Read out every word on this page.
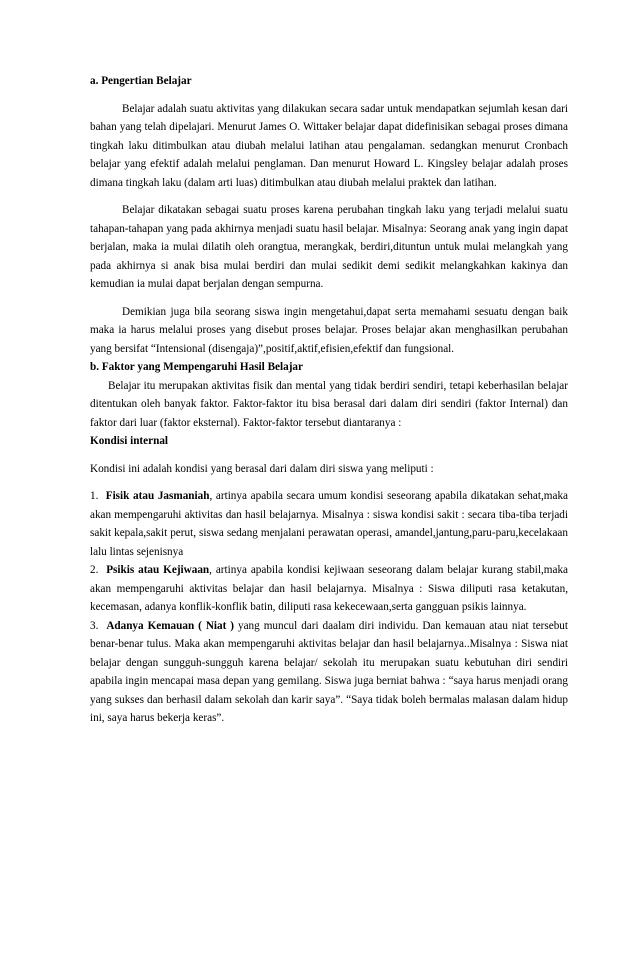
a. Pengertian Belajar

Belajar adalah suatu aktivitas yang dilakukan secara sadar untuk mendapatkan sejumlah kesan dari bahan yang telah dipelajari. Menurut James O. Wittaker belajar dapat didefinisikan sebagai proses dimana tingkah laku ditimbulkan atau diubah melalui latihan atau pengalaman. sedangkan menurut Cronbach belajar yang efektif adalah melalui penglaman. Dan menurut Howard L. Kingsley belajar adalah proses dimana tingkah laku (dalam arti luas) ditimbulkan atau diubah melalui praktek dan latihan.

Belajar dikatakan sebagai suatu proses karena perubahan tingkah laku yang terjadi melalui suatu tahapan-tahapan yang pada akhirnya menjadi suatu hasil belajar. Misalnya: Seorang anak yang ingin dapat berjalan, maka ia mulai dilatih oleh orangtua, merangkak, berdiri,dituntun untuk mulai melangkah yang pada akhirnya si anak bisa mulai berdiri dan mulai sedikit demi sedikit melangkahkan kakinya dan kemudian ia mulai dapat berjalan dengan sempurna.

Demikian juga bila seorang siswa ingin mengetahui,dapat serta memahami sesuatu dengan baik maka ia harus melalui proses yang disebut proses belajar. Proses belajar akan menghasilkan perubahan yang bersifat “Intensional (disengaja)”,positif,aktif,efisien,efektif dan fungsional.

b. Faktor yang Mempengaruhi Hasil Belajar

Belajar itu merupakan aktivitas fisik dan mental yang tidak berdiri sendiri, tetapi keberhasilan belajar ditentukan oleh banyak faktor. Faktor-faktor itu bisa berasal dari dalam diri sendiri (faktor Internal) dan faktor dari luar (faktor eksternal). Faktor-faktor tersebut diantaranya :

Kondisi internal

Kondisi ini adalah kondisi yang berasal dari dalam diri siswa yang meliputi :

1. Fisik atau Jasmaniah, artinya apabila secara umum kondisi seseorang apabila dikatakan sehat,maka akan mempengaruhi aktivitas dan hasil belajarnya. Misalnya : siswa kondisi sakit : secara tiba-tiba terjadi sakit kepala,sakit perut, siswa sedang menjalani perawatan operasi, amandel,jantung,paru-paru,kecelakaan lalu lintas sejenisnya

2. Psikis atau Kejiwaan, artinya apabila kondisi kejiwaan seseorang dalam belajar kurang stabil,maka akan mempengaruhi aktivitas belajar dan hasil belajarnya. Misalnya : Siswa diliputi rasa ketakutan, kecemasan, adanya konflik-konflik batin, diliputi rasa kekecewaan,serta gangguan psikis lainnya.

3. Adanya Kemauan ( Niat ) yang muncul dari daalam diri individu. Dan kemauan atau niat tersebut benar-benar tulus. Maka akan mempengaruhi aktivitas belajar dan hasil belajarnya..Misalnya : Siswa niat belajar dengan sungguh-sungguh karena belajar/ sekolah itu merupakan suatu kebutuhan diri sendiri apabila ingin mencapai masa depan yang gemilang. Siswa juga berniat bahwa : “saya harus menjadi orang yang sukses dan berhasil dalam sekolah dan karir saya”. “Saya tidak boleh bermalas malasan dalam hidup ini, saya harus bekerja keras”.
